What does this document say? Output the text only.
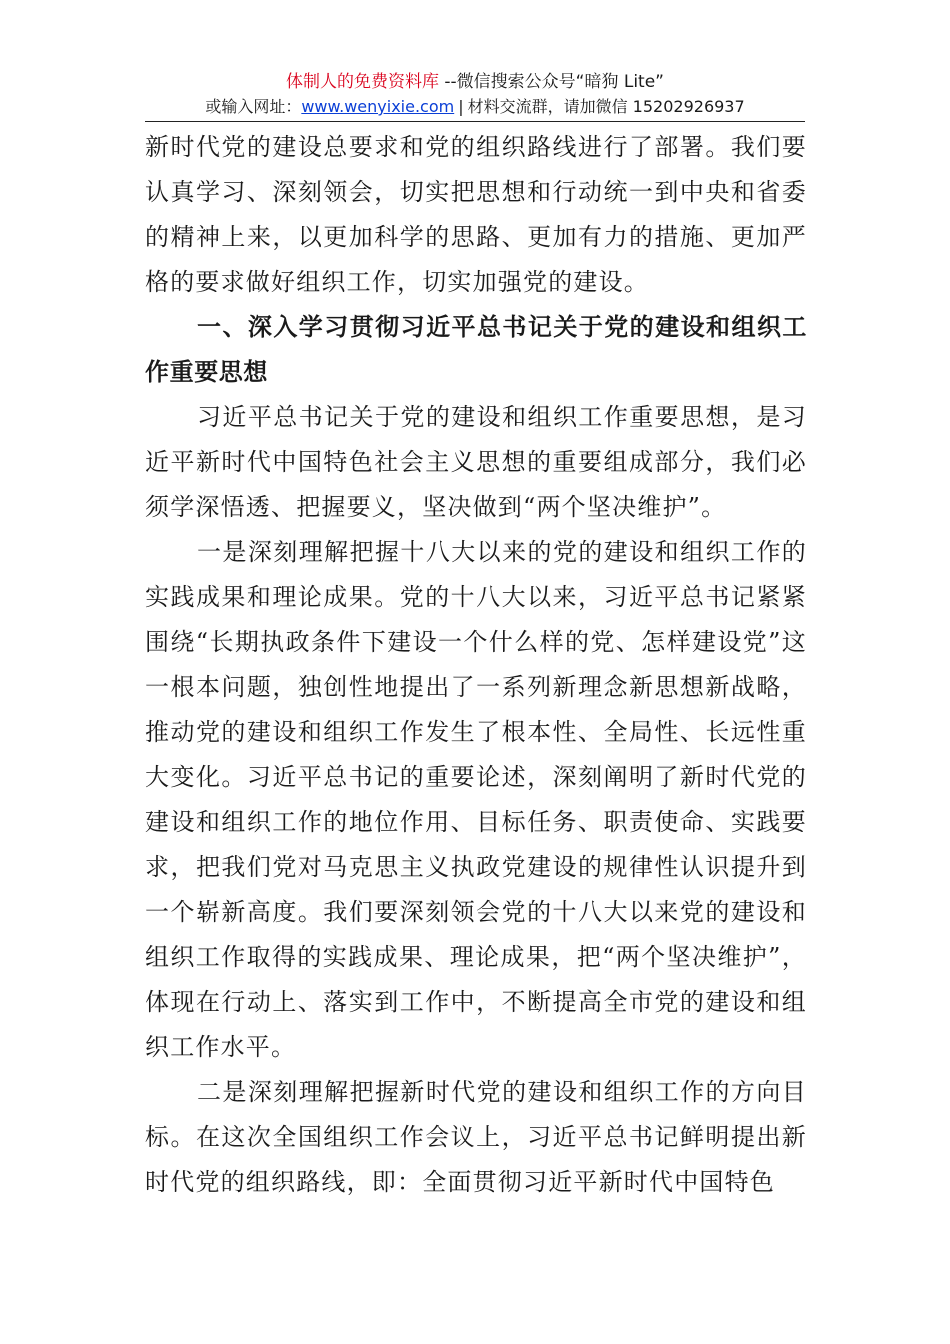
体制人的免费资料库 --微信搜索公众号“暗狗 Lite”
或输入网址：www.wenyixie.com | 材料交流群，请加微信 15202926937

新时代党的建设总要求和党的组织路线进行了部署。我们要认真学习、深刻领会，切实把思想和行动统一到中央和省委的精神上来，以更加科学的思路、更加有力的措施、更加严格的要求做好组织工作，切实加强党的建设。

一、深入学习贯彻习近平总书记关于党的建设和组织工作重要思想

习近平总书记关于党的建设和组织工作重要思想，是习近平新时代中国特色社会主义思想的重要组成部分，我们必须学深悟透、把握要义，坚决做到“两个坚决维护”。

一是深刻理解把握十八大以来的党的建设和组织工作的实践成果和理论成果。党的十八大以来，习近平总书记紧紧围绕“长期执政条件下建设一个什么样的党、怎样建设党”这一根本问题，独创性地提出了一系列新理念新思想新战略，推动党的建设和组织工作发生了根本性、全局性、长远性重大变化。习近平总书记的重要论述，深刻阐明了新时代党的建设和组织工作的地位作用、目标任务、职责使命、实践要求，把我们党对马克思主义执政党建设的规律性认识提升到一个崭新高度。我们要深刻领会党的十八大以来党的建设和组织工作取得的实践成果、理论成果，把“两个坚决维护”，体现在行动上、落实到工作中，不断提高全市党的建设和组织工作水平。

二是深刻理解把握新时代党的建设和组织工作的方向目标。在这次全国组织工作会议上，习近平总书记鲜明提出新时代党的组织路线，即：全面贯彻习近平新时代中国特色
